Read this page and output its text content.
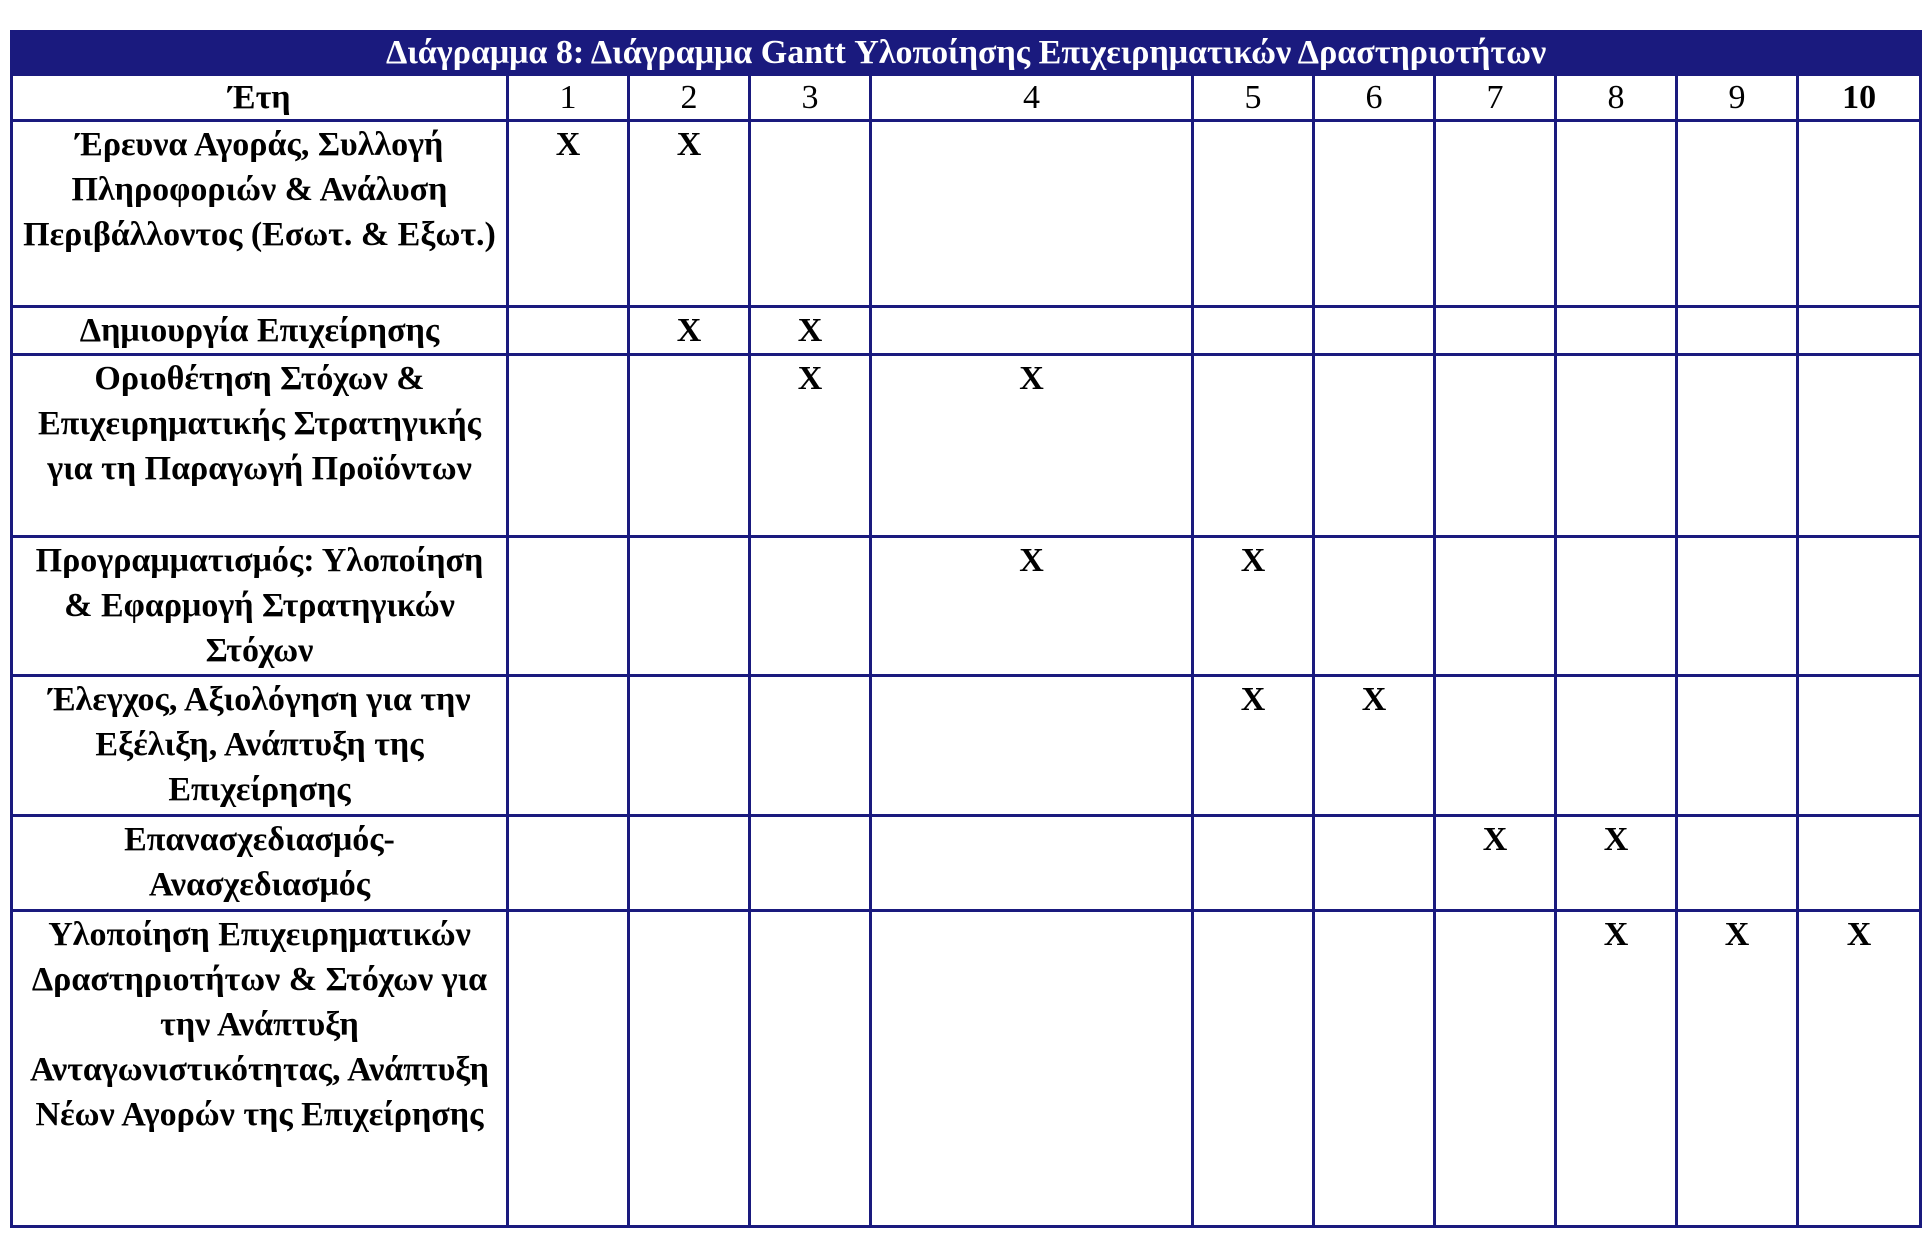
Διάγραμμα 8: Διάγραμμα Gantt Υλοποίησης Επιχειρηματικών Δραστηριοτήτων										
Έτη	1	2	3	4	5	6	7	8	9	10
Έρευνα Αγοράς, Συλλογή Πληροφοριών & Ανάλυση Περιβάλλοντος (Εσωτ. & Εξωτ.)	X	X								
Δημιουργία Επιχείρησης		X	X							
Οριοθέτηση Στόχων & Επιχειρηματικής Στρατηγικής για τη Παραγωγή Προϊόντων			X	X						
Προγραμματισμός: Υλοποίηση & Εφαρμογή Στρατηγικών Στόχων				X	X					
Έλεγχος, Αξιολόγηση για την Εξέλιξη, Ανάπτυξη της Επιχείρησης					X	X				
Επανασχεδιασμός- Ανασχεδιασμός							X	X		
Υλοποίηση Επιχειρηματικών Δραστηριοτήτων & Στόχων για την Ανάπτυξη Ανταγωνιστικότητας, Ανάπτυξη Νέων Αγορών της Επιχείρησης								X	X	X
